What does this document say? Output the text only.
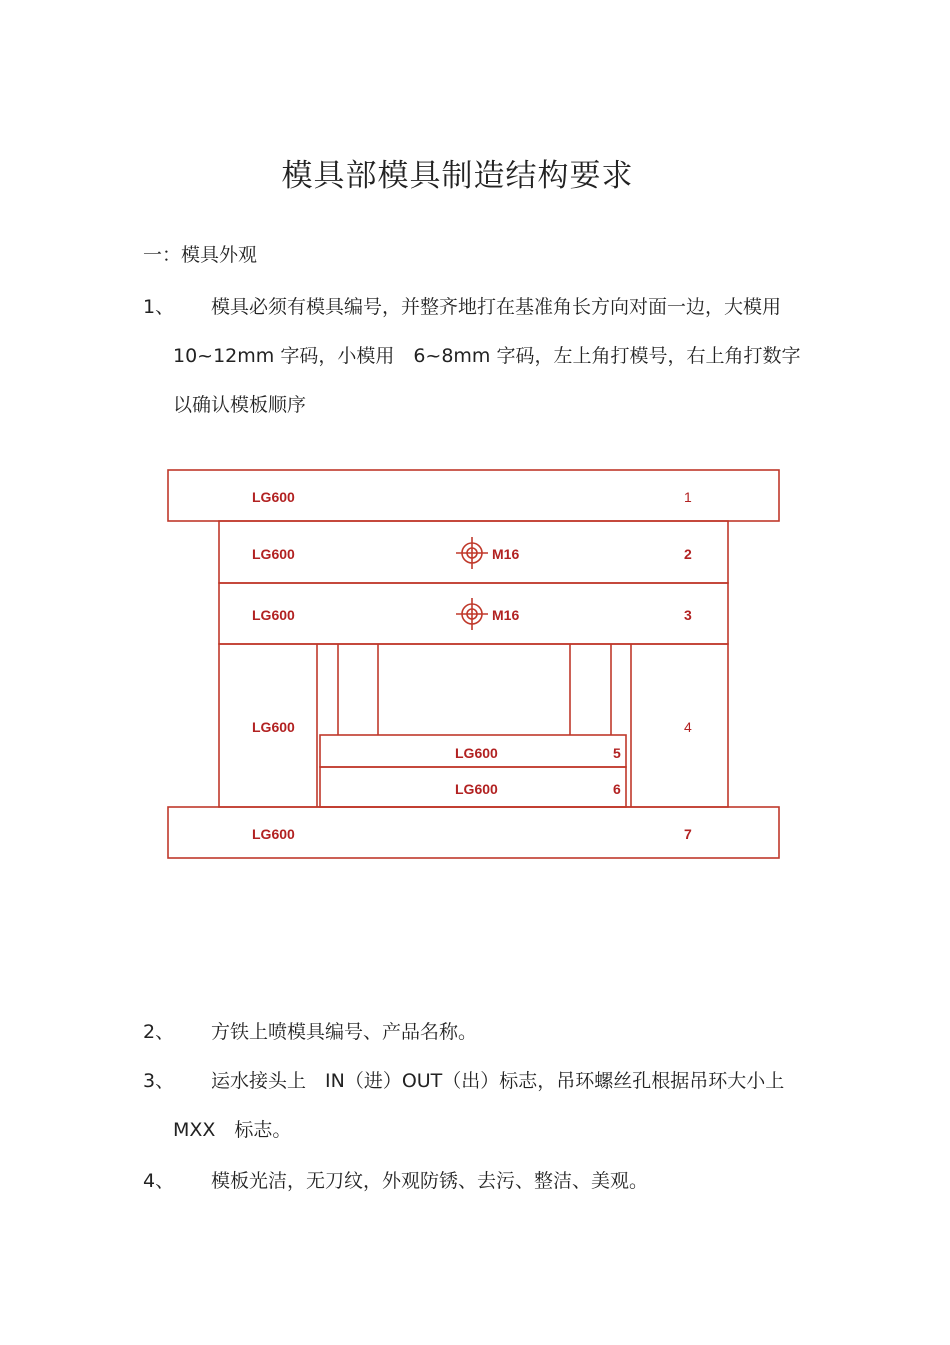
模具部模具制造结构要求
一：模具外观
1、	模具必须有模具编号，并整齐地打在基准角长方向对面一边，大模用　10~12mm 字码，小模用　6~8mm 字码，左上角打模号，右上角打数字以确认模板顺序
LG600	1
LG600	M16	2
LG600	M16	3
LG600	4
LG600	5
LG600	6
LG600	7
2、	方铁上喷模具编号、产品名称。
3、	运水接头上　IN（进）OUT（出）标志，吊环螺丝孔根据吊环大小上　MXX　标志。
4、	模板光洁，无刀纹，外观防锈、去污、整洁、美观。
